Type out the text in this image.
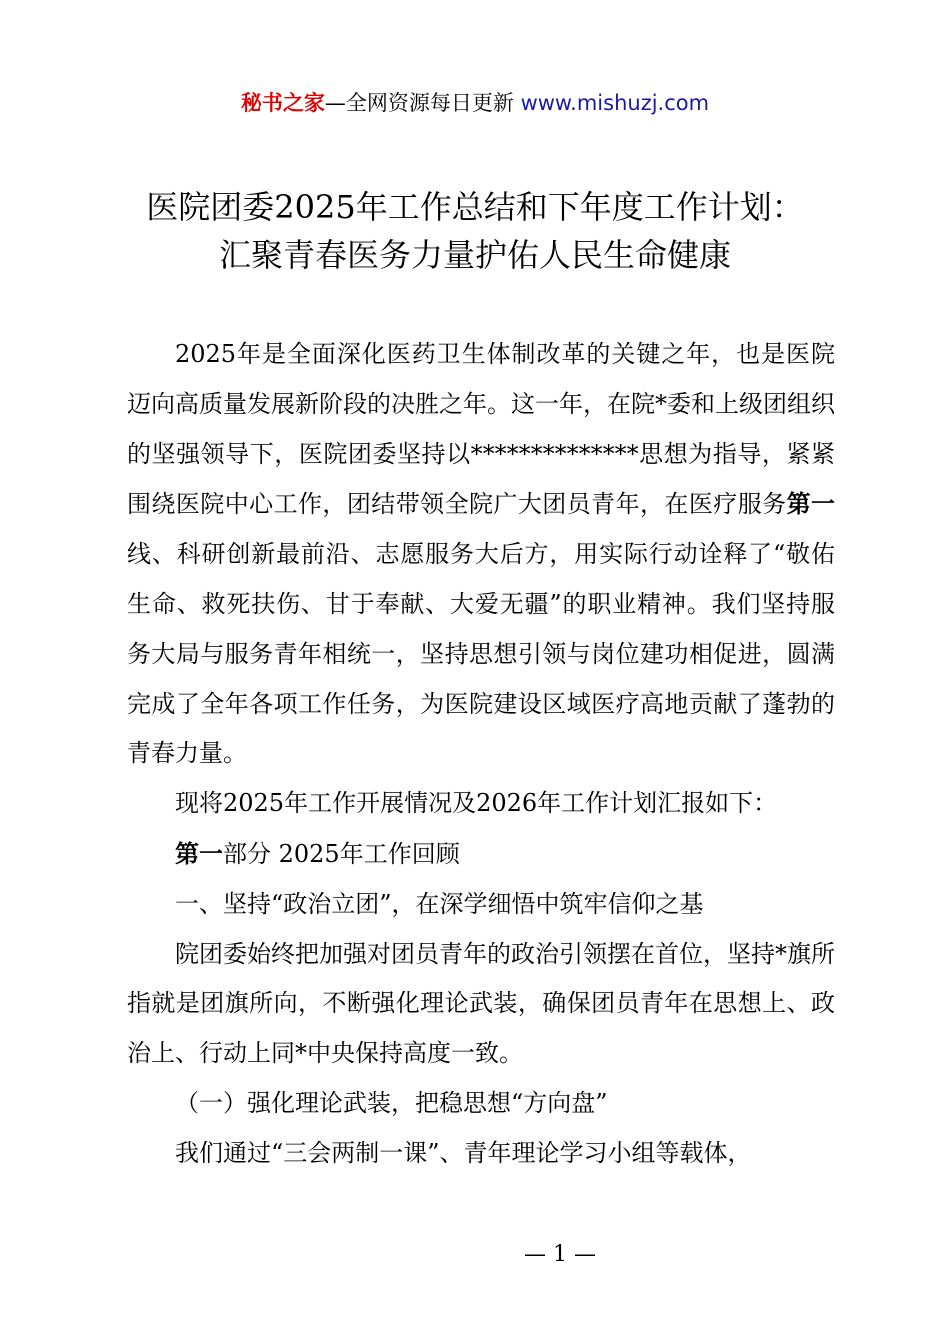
秘书之家—全网资源每日更新 www.mishuzj.com
医院团委2025年工作总结和下年度工作计划：
汇聚青春医务力量护佑人民生命健康

2025年是全面深化医药卫生体制改革的关键之年，也是医院迈向高质量发展新阶段的决胜之年。这一年，在院*委和上级团组织的坚强领导下，医院团委坚持以**************思想为指导，紧紧围绕医院中心工作，团结带领全院广大团员青年，在医疗服务第一线、科研创新最前沿、志愿服务大后方，用实际行动诠释了“敬佑生命、救死扶伤、甘于奉献、大爱无疆”的职业精神。我们坚持服务大局与服务青年相统一，坚持思想引领与岗位建功相促进，圆满完成了全年各项工作任务，为医院建设区域医疗高地贡献了蓬勃的青春力量。

现将2025年工作开展情况及2026年工作计划汇报如下：

第一部分 2025年工作回顾

一、坚持“政治立团”，在深学细悟中筑牢信仰之基

院团委始终把加强对团员青年的政治引领摆在首位，坚持*旗所指就是团旗所向，不断强化理论武装，确保团员青年在思想上、政治上、行动上同*中央保持高度一致。

（一）强化理论武装，把稳思想“方向盘”

我们通过“三会两制一课”、青年理论学习小组等载体，

— 1 —
